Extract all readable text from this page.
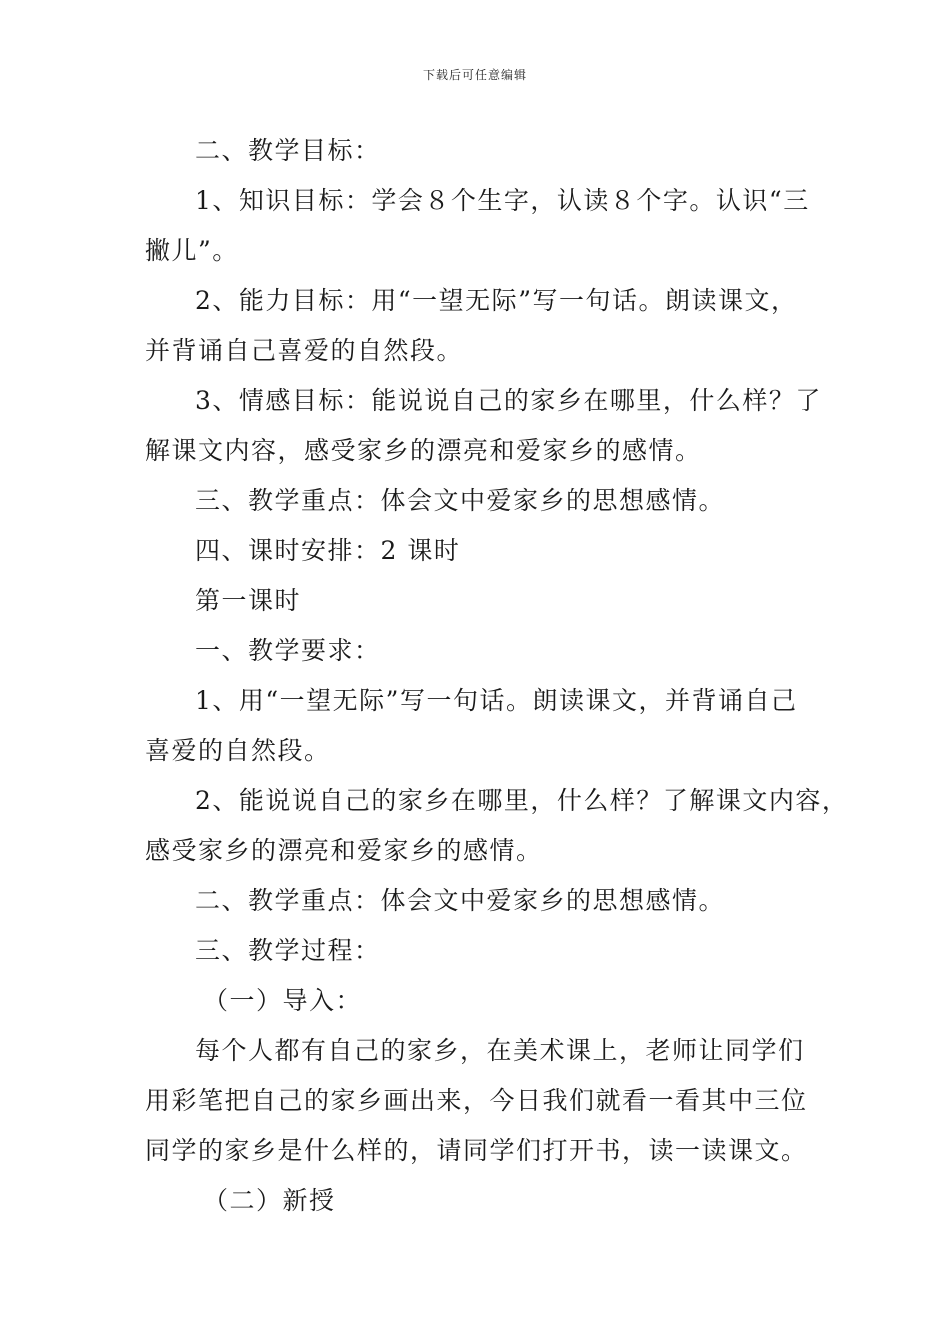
下载后可任意编辑

二、教学目标：

1、知识目标：学会８个生字，认读８个字。认识“三

撇儿”。

2、能力目标：用“一望无际”写一句话。朗读课文，

并背诵自己喜爱的自然段。

3、情感目标：能说说自己的家乡在哪里，什么样？了

解课文内容，感受家乡的漂亮和爱家乡的感情。

三、教学重点：体会文中爱家乡的思想感情。

四、课时安排：2 课时

第一课时

一、教学要求：

1、用“一望无际”写一句话。朗读课文，并背诵自己

喜爱的自然段。

2、能说说自己的家乡在哪里，什么样？了解课文内容，

感受家乡的漂亮和爱家乡的感情。

二、教学重点：体会文中爱家乡的思想感情。

三、教学过程：

（一）导入：

每个人都有自己的家乡，在美术课上，老师让同学们

用彩笔把自己的家乡画出来，今日我们就看一看其中三位

同学的家乡是什么样的，请同学们打开书，读一读课文。

（二）新授
